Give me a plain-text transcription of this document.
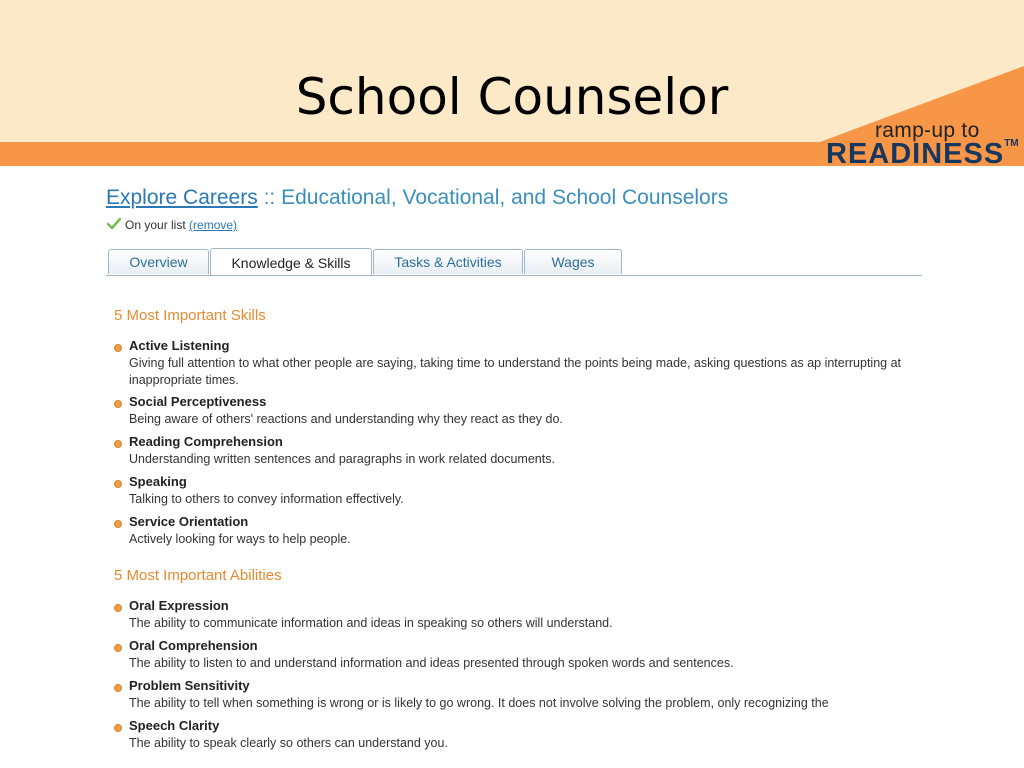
School Counselor
ramp-up to
READINESS™
Explore Careers :: Educational, Vocational, and School Counselors
On your list (remove)
Overview	Knowledge & Skills	Tasks & Activities	Wages
5 Most Important Skills
Active Listening
Giving full attention to what other people are saying, taking time to understand the points being made, asking questions as ap interrupting at inappropriate times.
Social Perceptiveness
Being aware of others' reactions and understanding why they react as they do.
Reading Comprehension
Understanding written sentences and paragraphs in work related documents.
Speaking
Talking to others to convey information effectively.
Service Orientation
Actively looking for ways to help people.
5 Most Important Abilities
Oral Expression
The ability to communicate information and ideas in speaking so others will understand.
Oral Comprehension
The ability to listen to and understand information and ideas presented through spoken words and sentences.
Problem Sensitivity
The ability to tell when something is wrong or is likely to go wrong. It does not involve solving the problem, only recognizing the
Speech Clarity
The ability to speak clearly so others can understand you.
